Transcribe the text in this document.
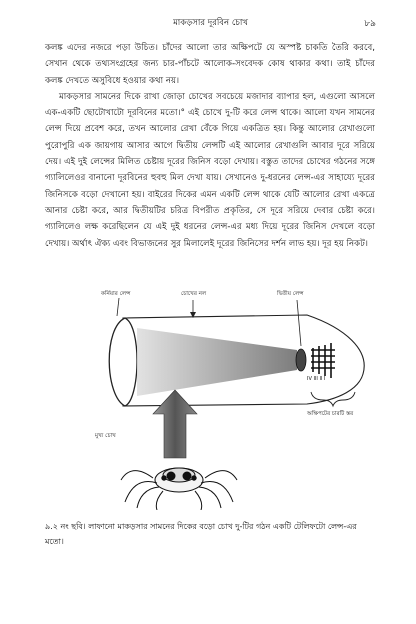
মাকড়সার দূরবিন চোখ	৮৯

কলঙ্ক এদের নজরে পড়া উচিত। চাঁদের আলো তার অক্ষিপটে যে অস্পষ্ট চাকতি তৈরি করবে, সেখান থেকে তথ্যসংগ্রহের জন্য চার-পাঁচটে আলোক-সংবেদক কোষ থাকার কথা। তাই চাঁদের কলঙ্ক দেখতে অসুবিধে হওয়ার কথা নয়।

মাকড়সার সামনের দিকে রাখা জোড়া চোখের সবচেয়ে মজাদার ব্যাপার হল, এগুলো আসলে এক-একটি ছোটোখাটো দূরবিনের মতো।° এই চোখে দু-টি করে লেন্স থাকে। আলো যখন সামনের লেন্স দিয়ে প্রবেশ করে, তখন আলোর রেখা বেঁকে গিয়ে একত্রিত হয়। কিন্তু আলোর রেখাগুলো পুরোপুরি এক জায়গায় আসার আগে দ্বিতীয় লেন্সটি এই আলোর রেখাগুলি আবার দূরে সরিয়ে দেয়। এই দুই লেন্সের মিলিত চেষ্টায় দূরের জিনিস বড়ো দেখায়। বস্তুত তাদের চোখের গঠনের সঙ্গে গ্যালিলেওর বানানো দূরবিনের হুবহু মিল দেখা যায়। সেখানেও দু-ধরনের লেন্স-এর সাহায্যে দূরের জিনিসকে বড়ো দেখানো হয়। বাইরের দিকের এমন একটি লেন্স থাকে যেটি আলোর রেখা একত্রে আনার চেষ্টা করে, আর দ্বিতীয়টির চরিত্র বিপরীত প্রকৃতির, সে দূরে সরিয়ে দেবার চেষ্টা করে। গ্যালিলেও লক্ষ করেছিলেন যে এই দুই ধরনের লেন্স-এর মধ্য দিয়ে দূরের জিনিস দেখলে বড়ো দেখায়। অর্থাৎ ঐক্য এবং বিভাজনের সুর মিলালেই দূরের জিনিসের দর্শন লাভ হয়। দূর হয় নিকট।

কর্নিয়ার লেন্স	চোখের নল	দ্বিতীয় লেন্স
IV III II I
অক্ষিপটের চারটি স্তর
মুখ্য চোখ
৯.২ নং ছবি। লাফানো মাকড়সার সামনের দিকের বড়ো চোখ দু-টির গঠন একটি টেলিফটো লেন্স-এর মতো।
